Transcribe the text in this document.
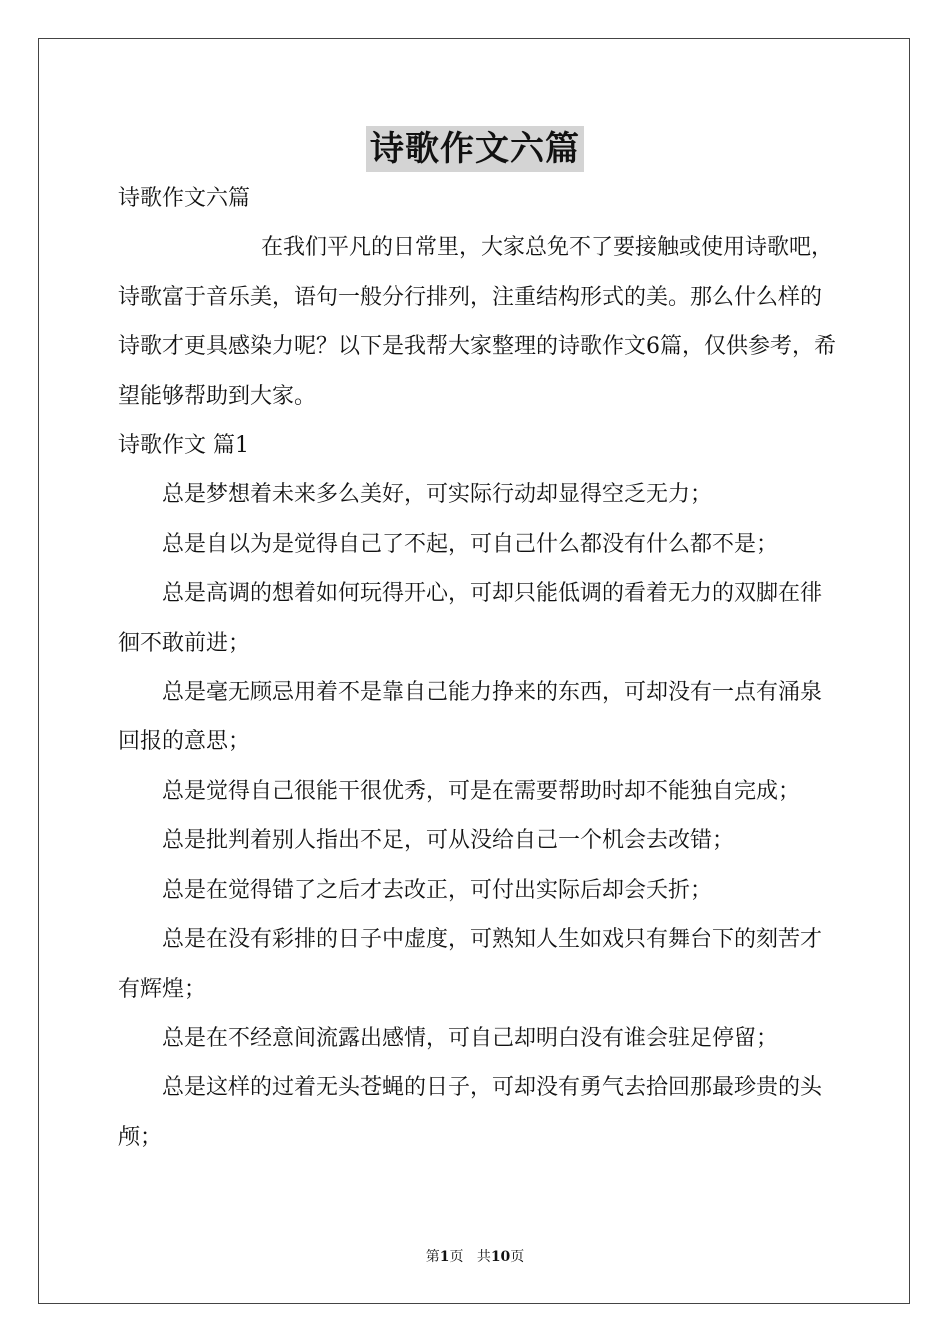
诗歌作文六篇

诗歌作文六篇

在我们平凡的日常里，大家总免不了要接触或使用诗歌吧，诗歌富于音乐美，语句一般分行排列，注重结构形式的美。那么什么样的诗歌才更具感染力呢？以下是我帮大家整理的诗歌作文6篇，仅供参考，希望能够帮助到大家。

诗歌作文 篇1

总是梦想着未来多么美好，可实际行动却显得空乏无力；

总是自以为是觉得自己了不起，可自己什么都没有什么都不是；

总是高调的想着如何玩得开心，可却只能低调的看着无力的双脚在徘徊不敢前进；

总是毫无顾忌用着不是靠自己能力挣来的东西，可却没有一点有涌泉回报的意思；

总是觉得自己很能干很优秀，可是在需要帮助时却不能独自完成；

总是批判着别人指出不足，可从没给自己一个机会去改错；

总是在觉得错了之后才去改正，可付出实际后却会夭折；

总是在没有彩排的日子中虚度，可熟知人生如戏只有舞台下的刻苦才有辉煌；

总是在不经意间流露出感情，可自己却明白没有谁会驻足停留；

总是这样的过着无头苍蝇的日子，可却没有勇气去拾回那最珍贵的头颅；

第1页 共10页
